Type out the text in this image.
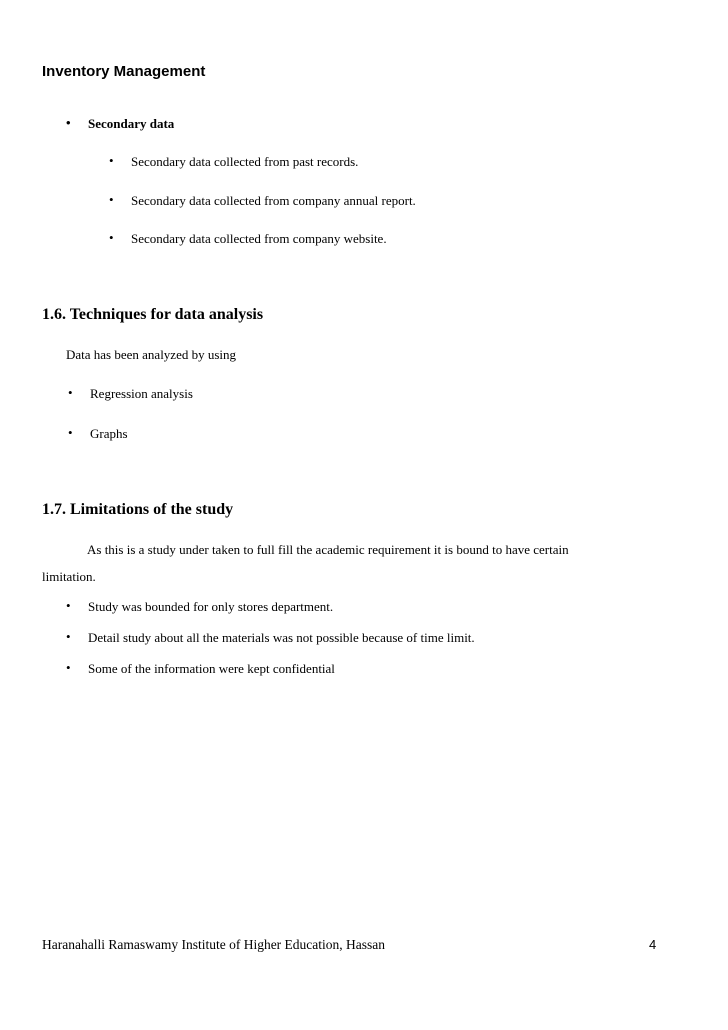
Inventory Management
• Secondary data
• Secondary data collected from past records.
• Secondary data collected from company annual report.
• Secondary data collected from company website.
1.6. Techniques for data analysis
Data has been analyzed by using
• Regression analysis
• Graphs
1.7. Limitations of the study
As this is a study under taken to full fill the academic requirement it is bound to have certain
limitation.
• Study was bounded for only stores department.
• Detail study about all the materials was not possible because of time limit.
• Some of the information were kept confidential
Haranahalli Ramaswamy Institute of Higher Education, Hassan	4
